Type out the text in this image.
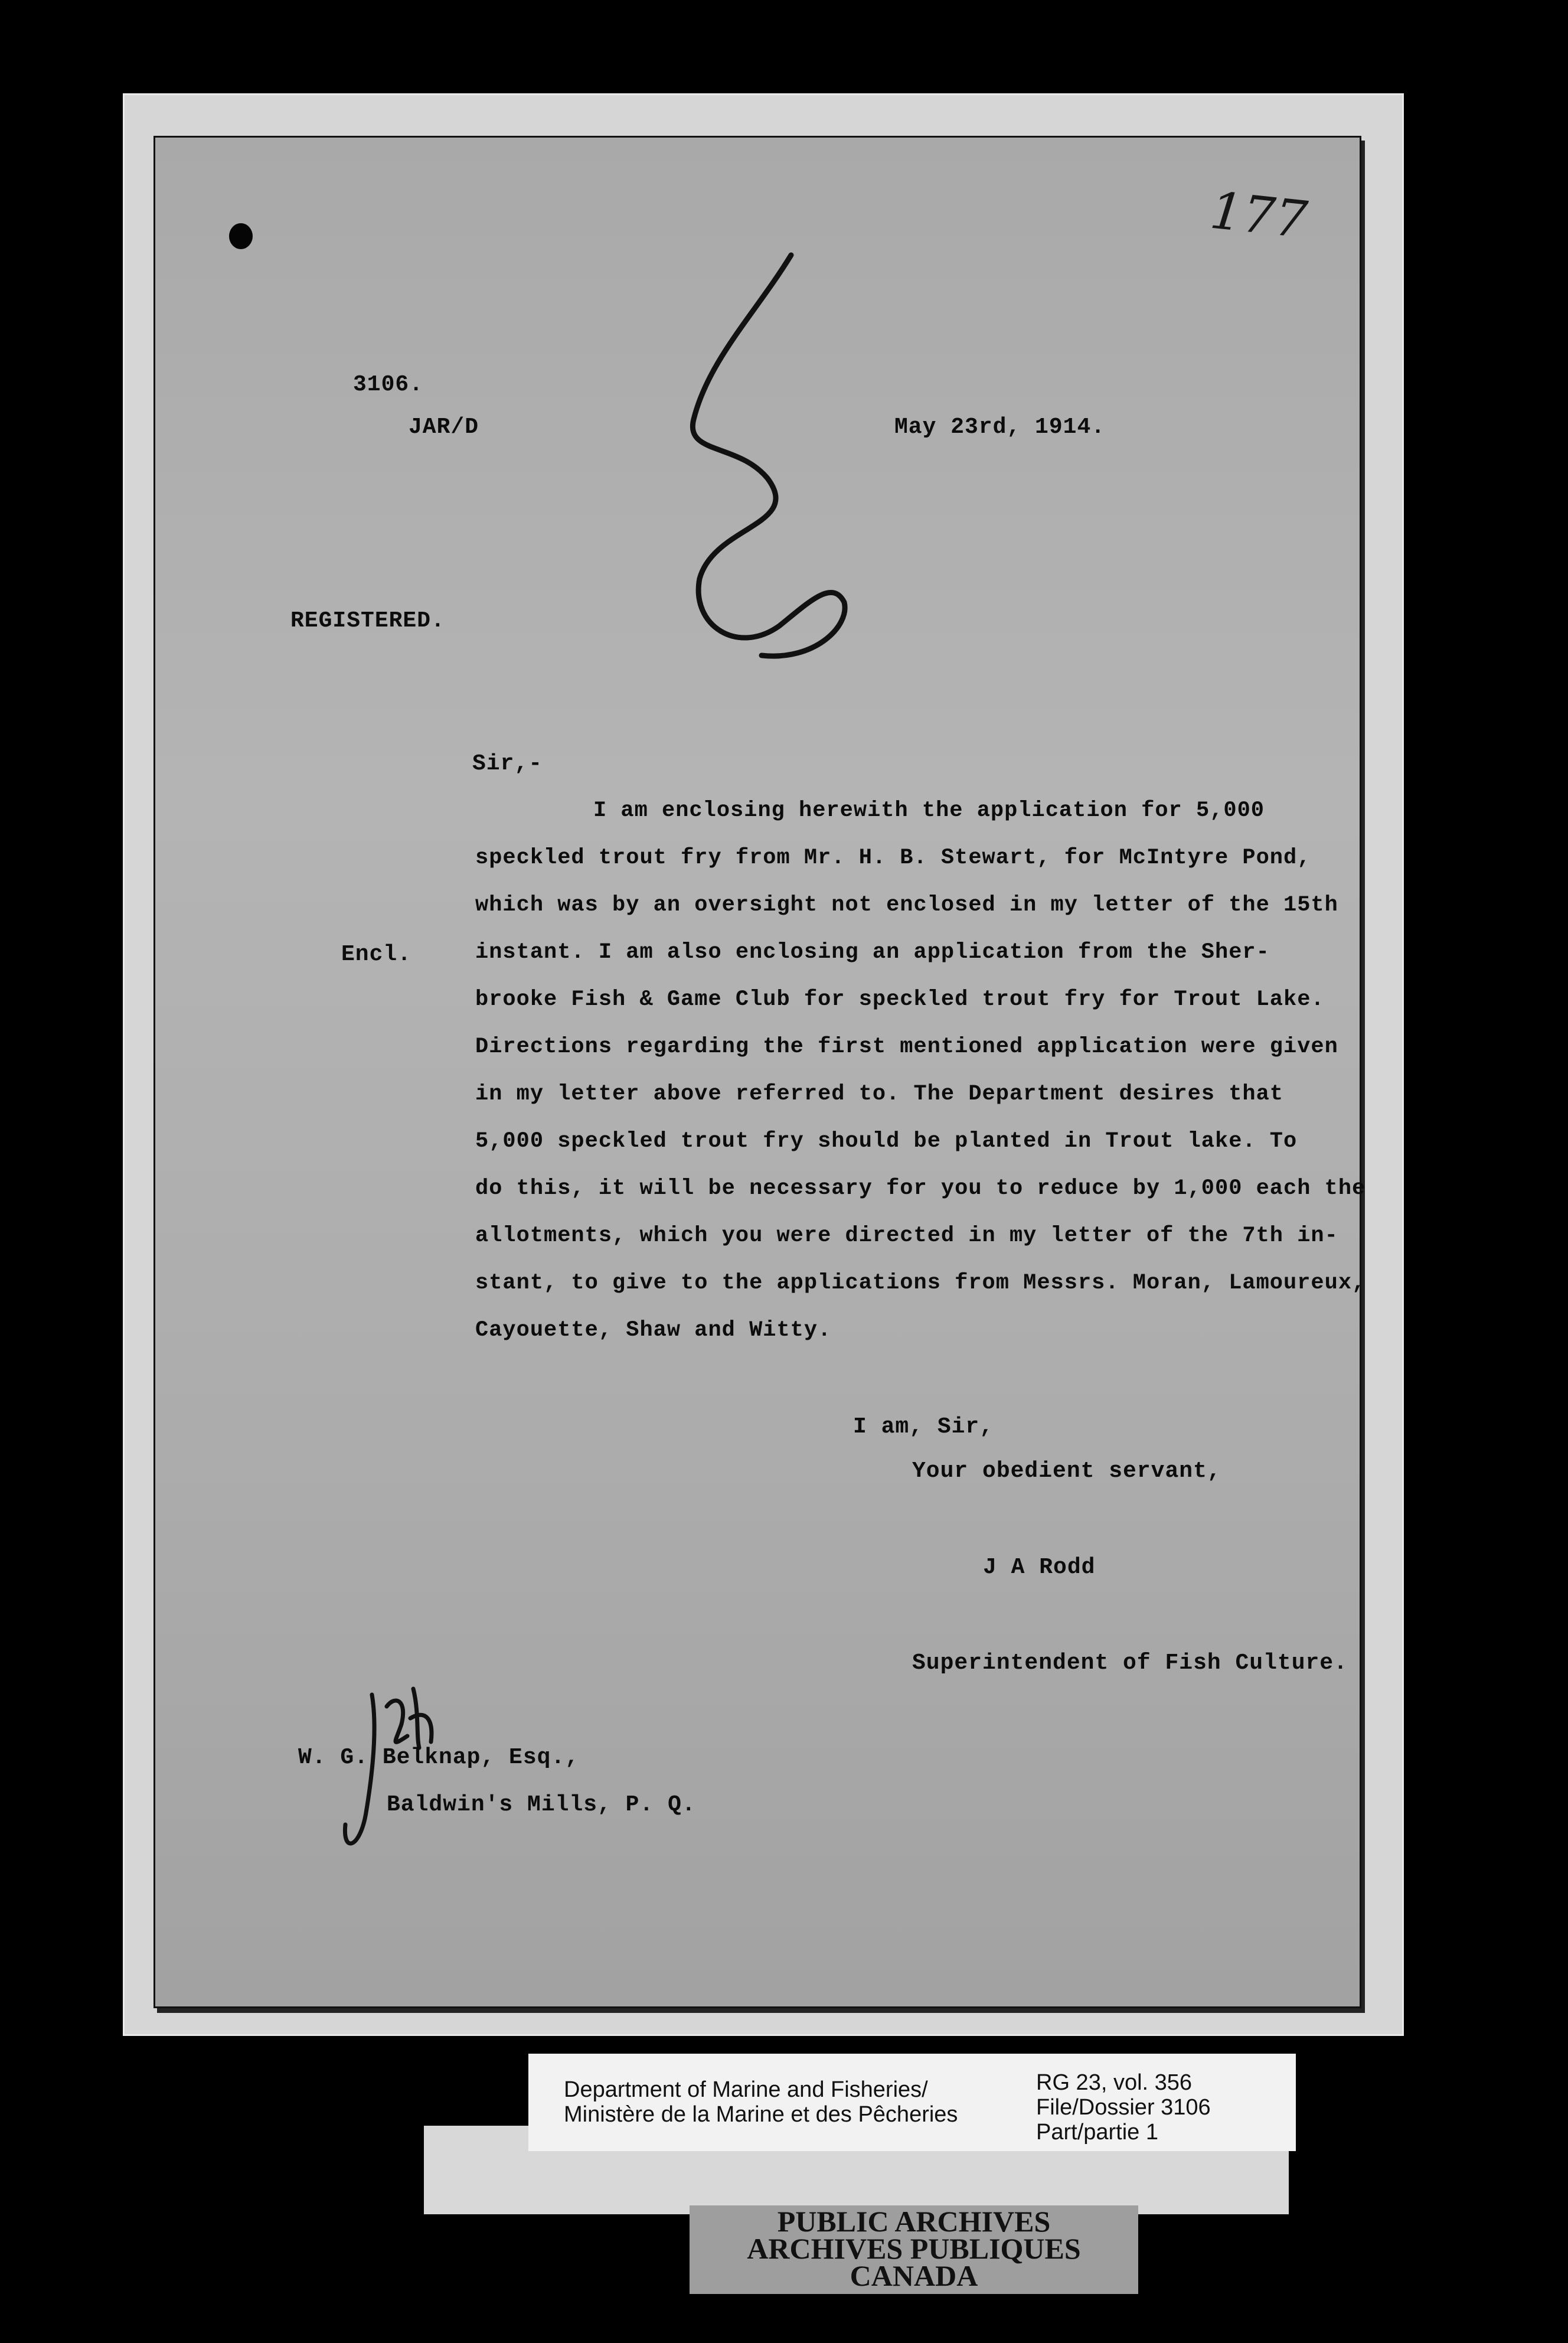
177
3106.
JAR/D	May 23rd, 1914.
REGISTERED.
Sir,-
Encl.
I am enclosing herewith the application for 5,000
speckled trout fry from Mr. H. B. Stewart, for McIntyre Pond,
which was by an oversight not enclosed in my letter of the 15th
instant. I am also enclosing an application from the Sher-
brooke Fish & Game Club for speckled trout fry for Trout Lake.
Directions regarding the first mentioned application were given
in my letter above referred to. The Department desires that
5,000 speckled trout fry should be planted in Trout lake. To
do this, it will be necessary for you to reduce by 1,000 each the
allotments, which you were directed in my letter of the 7th in-
stant, to give to the applications from Messrs. Moran, Lamoureux,
Cayouette, Shaw and Witty.
I am, Sir,
Your obedient servant,
J A Rodd
Superintendent of Fish Culture.
W. G. Belknap, Esq.,
Baldwin's Mills, P. Q.
Department of Marine and Fisheries/
Ministère de la Marine et des Pêcheries
RG 23, vol. 356
File/Dossier 3106
Part/partie 1
PUBLIC ARCHIVES
ARCHIVES PUBLIQUES
CANADA
